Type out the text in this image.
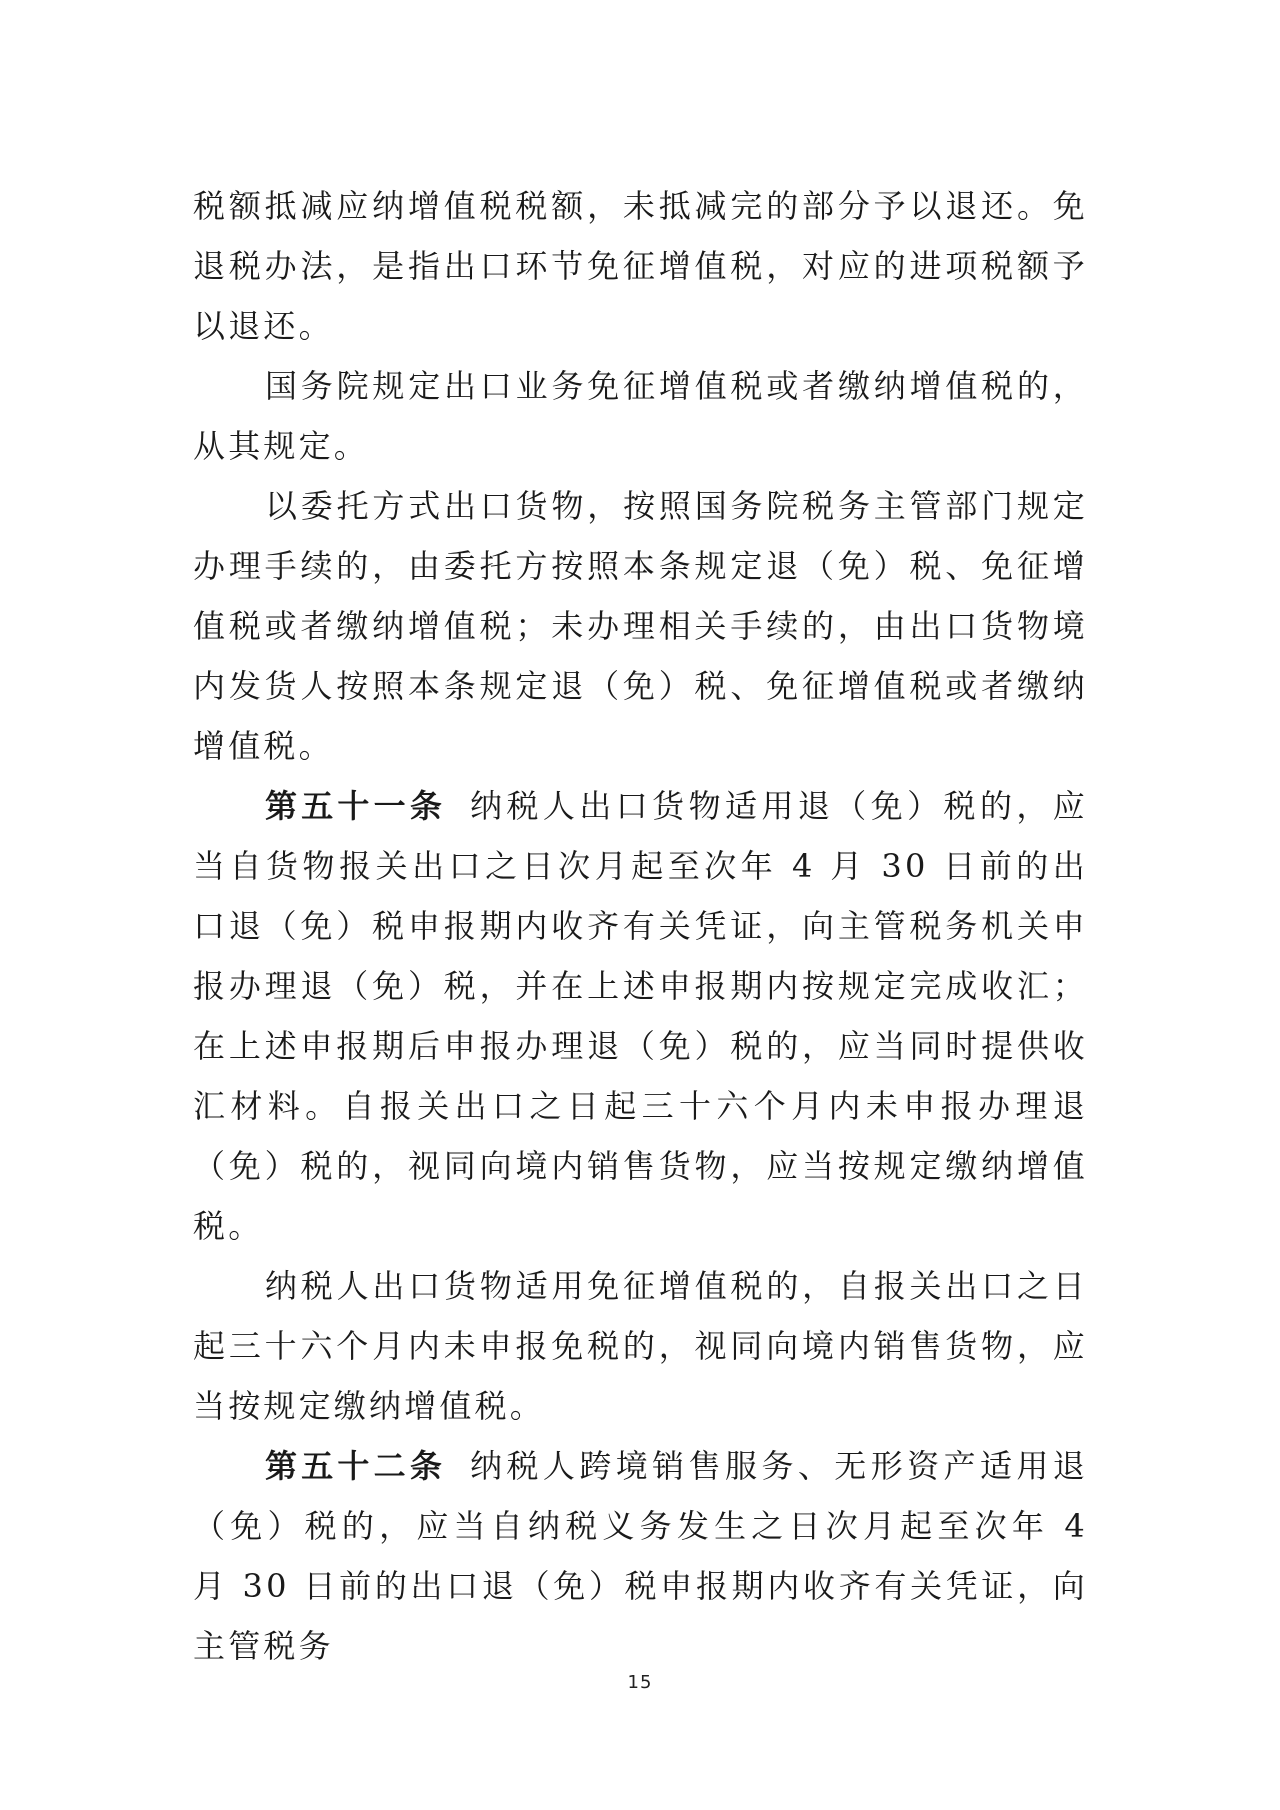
税额抵减应纳增值税税额，未抵减完的部分予以退还。免退税办法，是指出口环节免征增值税，对应的进项税额予以退还。

国务院规定出口业务免征增值税或者缴纳增值税的，从其规定。

以委托方式出口货物，按照国务院税务主管部门规定办理手续的，由委托方按照本条规定退（免）税、免征增值税或者缴纳增值税；未办理相关手续的，由出口货物境内发货人按照本条规定退（免）税、免征增值税或者缴纳增值税。

第五十一条 纳税人出口货物适用退（免）税的，应当自货物报关出口之日次月起至次年 4 月 30 日前的出口退（免）税申报期内收齐有关凭证，向主管税务机关申报办理退（免）税，并在上述申报期内按规定完成收汇；在上述申报期后申报办理退（免）税的，应当同时提供收汇材料。自报关出口之日起三十六个月内未申报办理退（免）税的，视同向境内销售货物，应当按规定缴纳增值税。

纳税人出口货物适用免征增值税的，自报关出口之日起三十六个月内未申报免税的，视同向境内销售货物，应当按规定缴纳增值税。

第五十二条 纳税人跨境销售服务、无形资产适用退（免）税的，应当自纳税义务发生之日次月起至次年 4 月 30 日前的出口退（免）税申报期内收齐有关凭证，向主管税务

15
